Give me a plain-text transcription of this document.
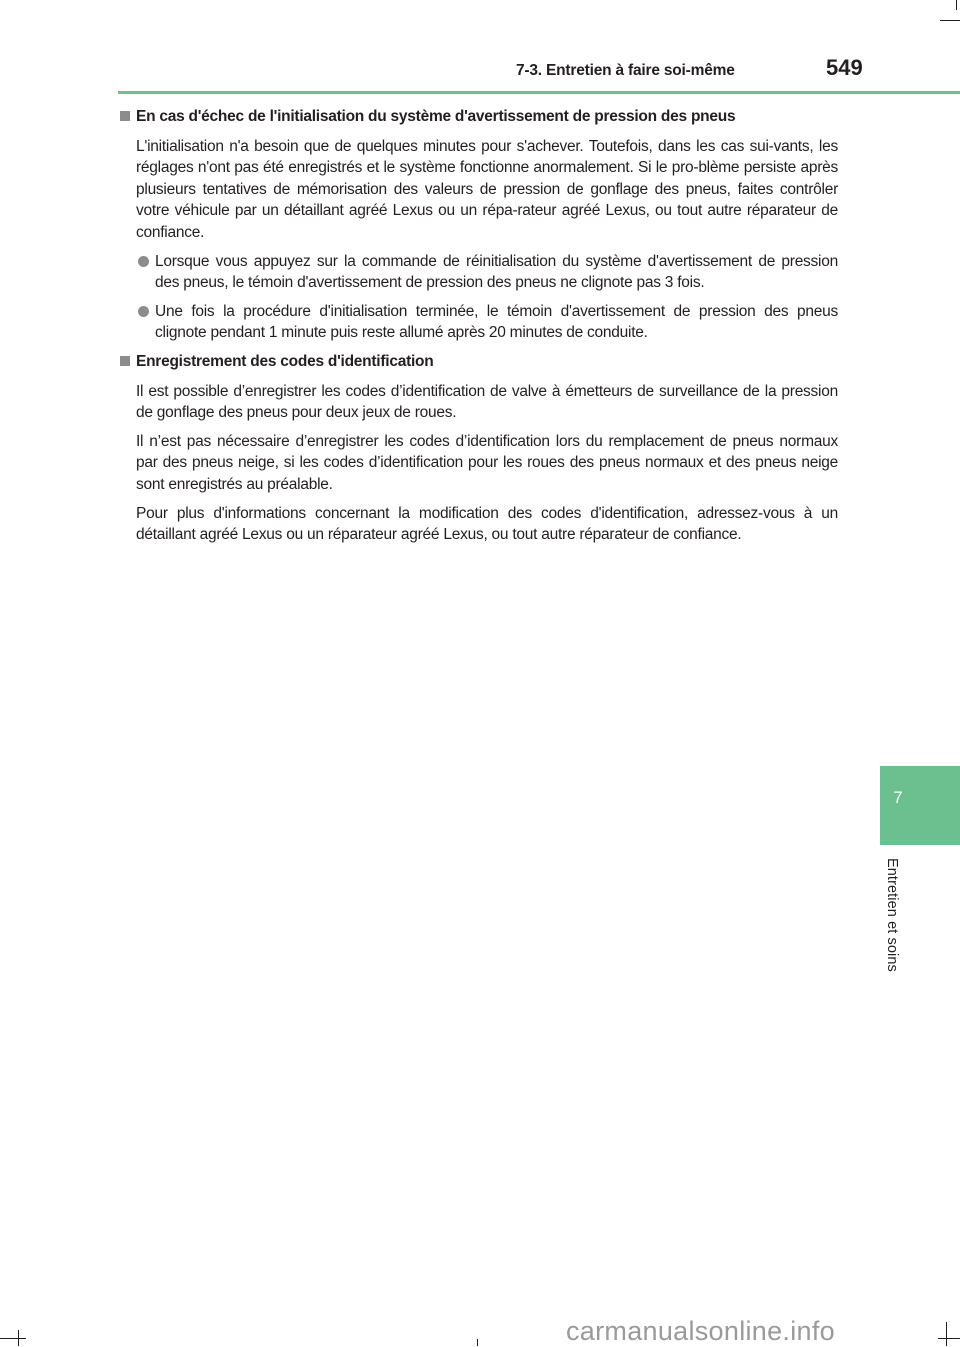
7-3. Entretien à faire soi-même	549
En cas d'échec de l'initialisation du système d'avertissement de pression des pneus

L'initialisation n'a besoin que de quelques minutes pour s'achever. Toutefois, dans les cas sui-vants, les réglages n'ont pas été enregistrés et le système fonctionne anormalement. Si le pro-blème persiste après plusieurs tentatives de mémorisation des valeurs de pression de gonflage des pneus, faites contrôler votre véhicule par un détaillant agréé Lexus ou un répa-rateur agréé Lexus, ou tout autre réparateur de confiance.

Lorsque vous appuyez sur la commande de réinitialisation du système d'avertissement de pression des pneus, le témoin d'avertissement de pression des pneus ne clignote pas 3 fois.
Une fois la procédure d'initialisation terminée, le témoin d'avertissement de pression des pneus clignote pendant 1 minute puis reste allumé après 20 minutes de conduite.
Enregistrement des codes d'identification

Il est possible d’enregistrer les codes d’identification de valve à émetteurs de surveillance de la pression de gonflage des pneus pour deux jeux de roues.

Il n’est pas nécessaire d’enregistrer les codes d’identification lors du remplacement de pneus normaux par des pneus neige, si les codes d’identification pour les roues des pneus normaux et des pneus neige sont enregistrés au préalable.

Pour plus d'informations concernant la modification des codes d'identification, adressez-vous à un détaillant agréé Lexus ou un réparateur agréé Lexus, ou tout autre réparateur de confiance.

7
Entretien et soins
carmanualsonline.info
